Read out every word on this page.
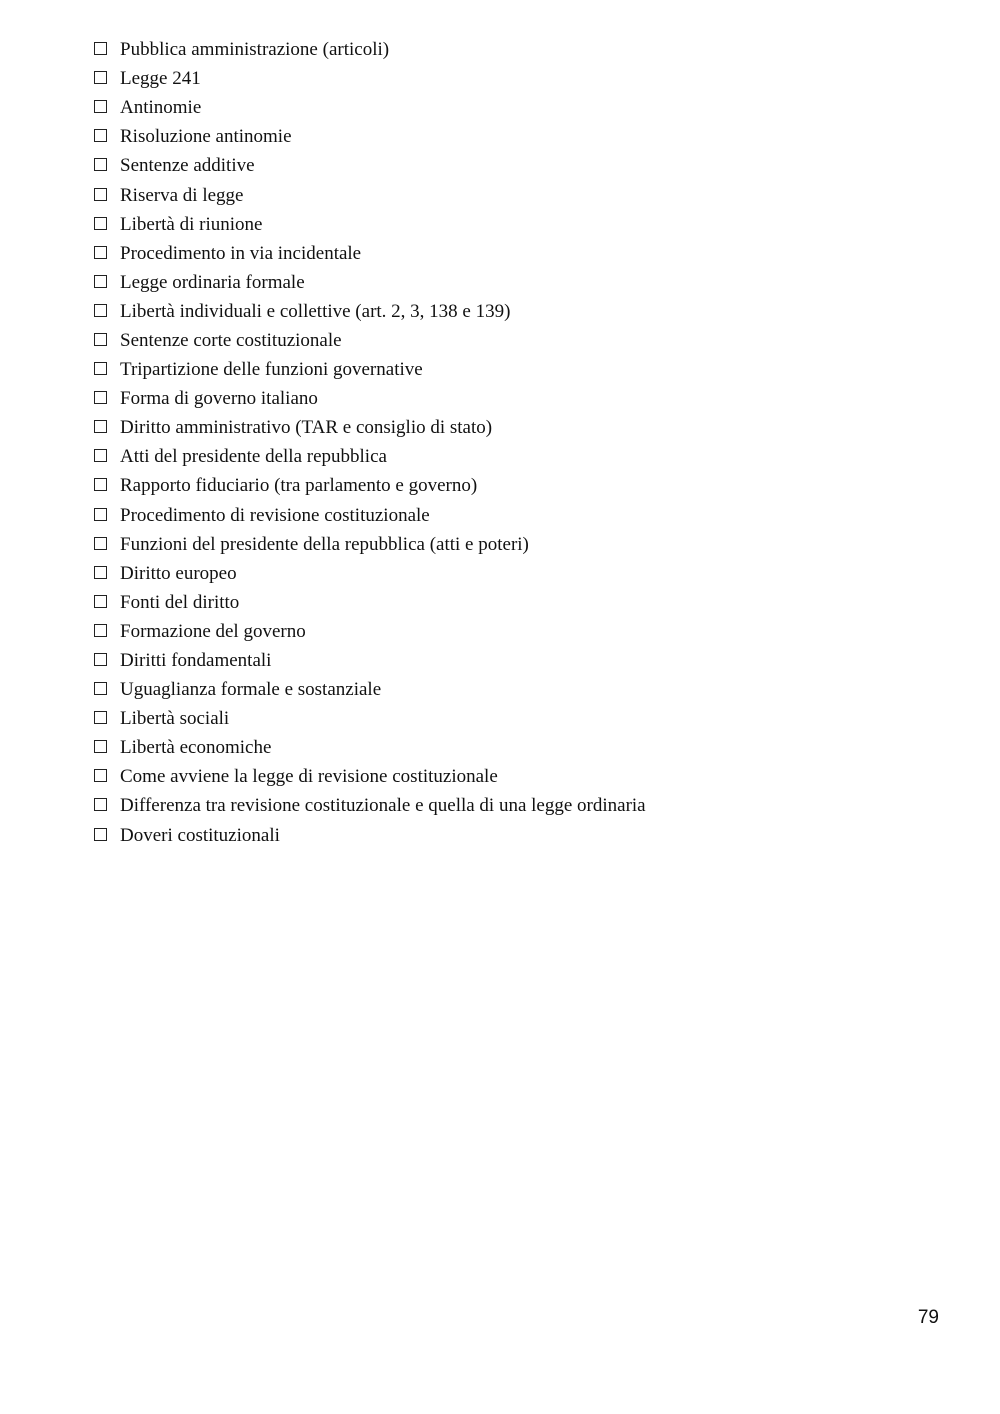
Pubblica amministrazione (articoli)
Legge 241
Antinomie
Risoluzione antinomie
Sentenze additive
Riserva di legge
Libertà di riunione
Procedimento in via incidentale
Legge ordinaria formale
Libertà individuali e collettive (art. 2, 3, 138 e 139)
Sentenze corte costituzionale
Tripartizione delle funzioni governative
Forma di governo italiano
Diritto amministrativo (TAR e consiglio di stato)
Atti del presidente della repubblica
Rapporto fiduciario (tra parlamento e governo)
Procedimento di revisione costituzionale
Funzioni del presidente della repubblica (atti e poteri)
Diritto europeo
Fonti del diritto
Formazione del governo
Diritti fondamentali
Uguaglianza formale e sostanziale
Libertà sociali
Libertà economiche
Come avviene la legge di revisione costituzionale
Differenza tra revisione costituzionale e quella di una legge ordinaria
Doveri costituzionali
79
